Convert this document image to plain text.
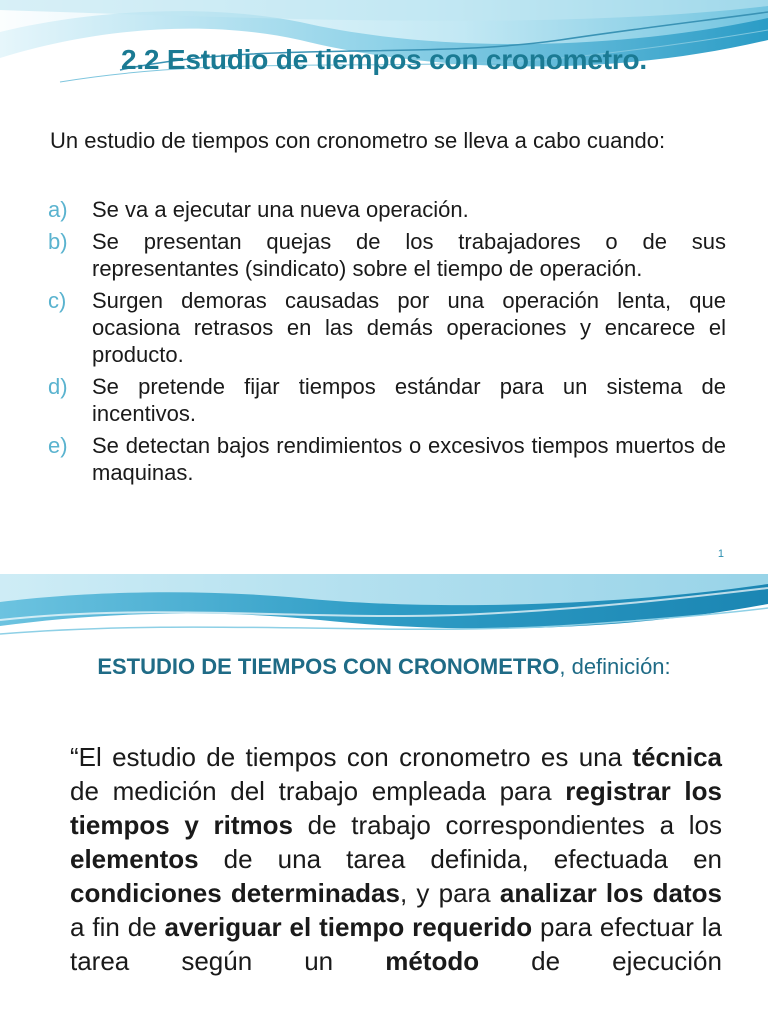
2.2 Estudio de tiempos con cronometro.
Un estudio de tiempos con cronometro se lleva a cabo cuando:
a) Se va a ejecutar una nueva operación.
b) Se presentan quejas de los trabajadores o de sus representantes (sindicato) sobre el tiempo de operación.
c) Surgen demoras causadas por una operación lenta, que ocasiona retrasos en las demás operaciones y encarece el producto.
d) Se pretende fijar tiempos estándar para un sistema de incentivos.
e) Se detectan bajos rendimientos o excesivos tiempos muertos de maquinas.
1
ESTUDIO DE TIEMPOS CON CRONOMETRO, definición:
“El estudio de tiempos con cronometro es una técnica de medición del trabajo empleada para registrar los tiempos y ritmos de trabajo correspondientes a los elementos de una tarea definida, efectuada en condiciones determinadas, y para analizar los datos a fin de averiguar el tiempo requerido para efectuar la tarea según un método de ejecución
